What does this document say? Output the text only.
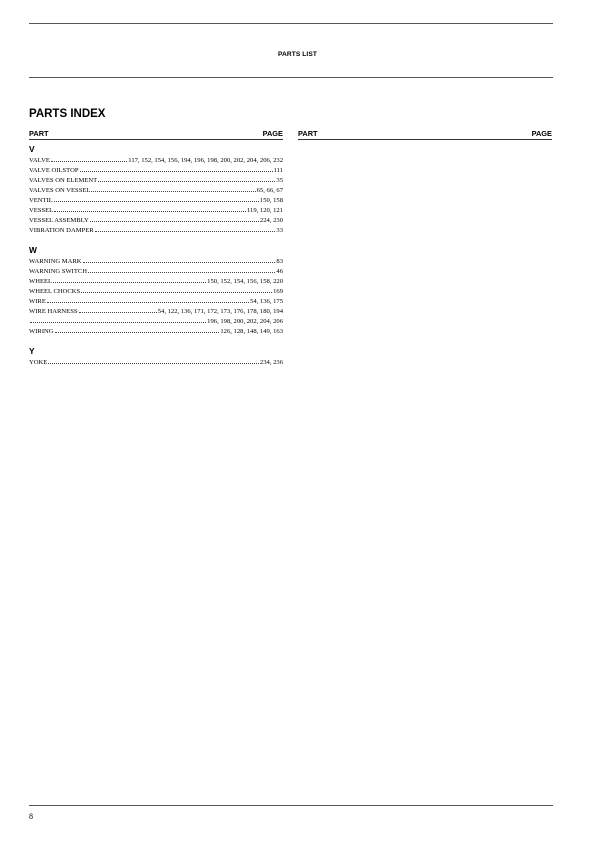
PARTS LIST
PARTS INDEX
PART	PAGE
V
VALVE	117, 152, 154, 156, 194, 196, 198, 200, 202, 204, 206, 232
VALVE OILSTOP	111
VALVES ON ELEMENT	35
VALVES ON VESSEL	65, 66, 67
VENTIL	150, 158
VESSEL	119, 120, 121
VESSEL ASSEMBLY	224, 230
VIBRATION DAMPER	33
W
WARNING MARK	83
WARNING SWITCH	46
WHEEL	150, 152, 154, 156, 158, 220
WHEEL CHOCKS	169
WIRE	54, 136, 175
WIRE HARNESS	54, 122, 136, 171, 172, 173, 176, 178, 180, 194
196, 198, 200, 202, 204, 206
WIRING	126, 128, 148, 149, 163
Y
YOKE	234, 236
PART	PAGE
8
